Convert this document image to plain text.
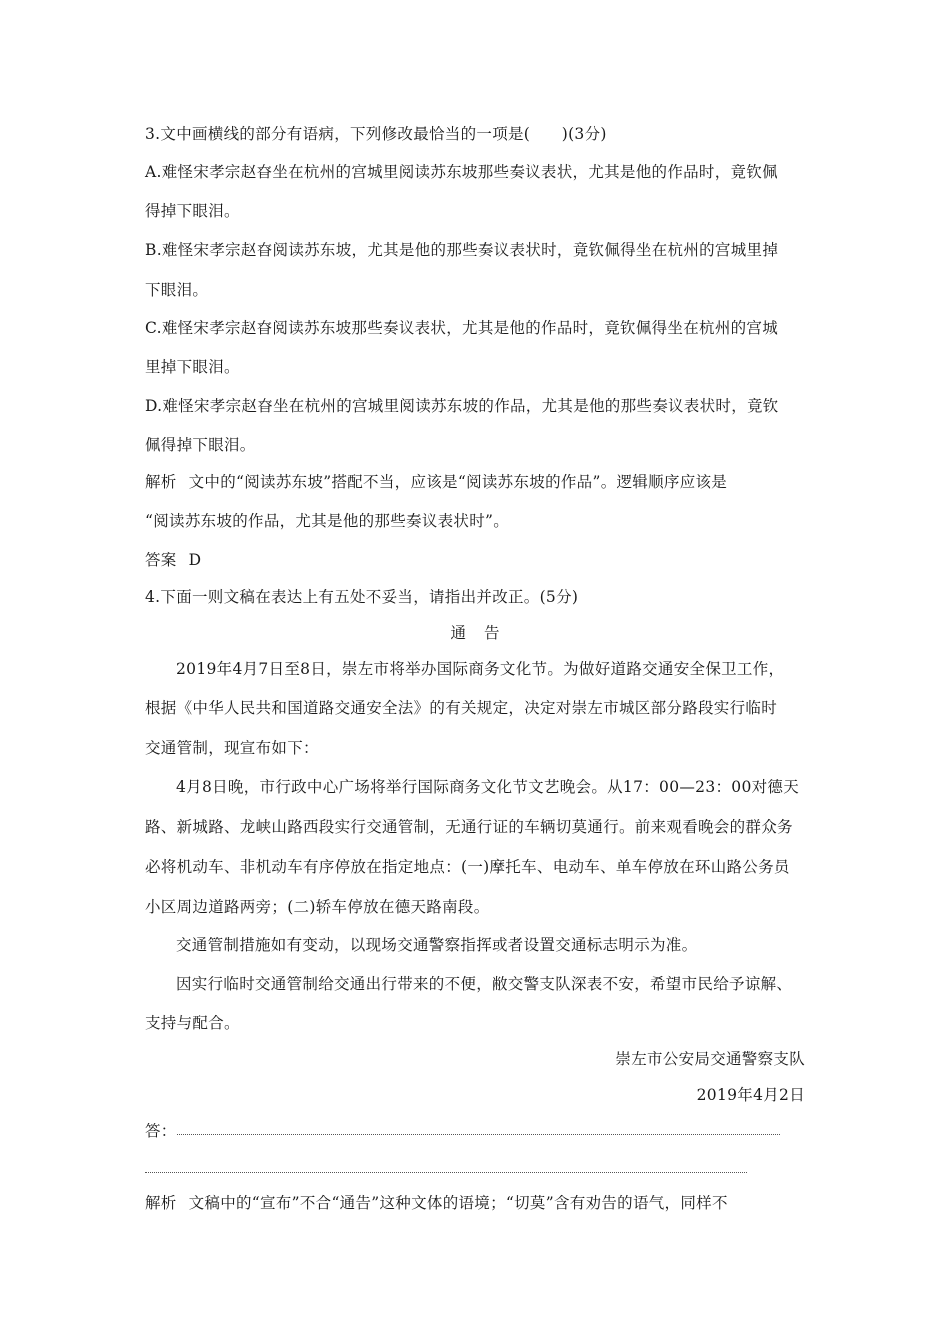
3.文中画横线的部分有语病，下列修改最恰当的一项是(　　)(3分)
A.难怪宋孝宗赵昚坐在杭州的宫城里阅读苏东坡那些奏议表状，尤其是他的作品时，竟钦佩
得掉下眼泪。
B.难怪宋孝宗赵昚阅读苏东坡，尤其是他的那些奏议表状时，竟钦佩得坐在杭州的宫城里掉
下眼泪。
C.难怪宋孝宗赵昚阅读苏东坡那些奏议表状，尤其是他的作品时，竟钦佩得坐在杭州的宫城
里掉下眼泪。
D.难怪宋孝宗赵昚坐在杭州的宫城里阅读苏东坡的作品，尤其是他的那些奏议表状时，竟钦
佩得掉下眼泪。
解析 文中的“阅读苏东坡”搭配不当，应该是“阅读苏东坡的作品”。逻辑顺序应该是
“阅读苏东坡的作品，尤其是他的那些奏议表状时”。
答案 D
4.下面一则文稿在表达上有五处不妥当，请指出并改正。(5分)
通告
2019年4月7日至8日，崇左市将举办国际商务文化节。为做好道路交通安全保卫工作，
根据《中华人民共和国道路交通安全法》的有关规定，决定对崇左市城区部分路段实行临时
交通管制，现宣布如下：
4月8日晚，市行政中心广场将举行国际商务文化节文艺晚会。从17：00—23：00对德天
路、新城路、龙峡山路西段实行交通管制，无通行证的车辆切莫通行。前来观看晚会的群众务
必将机动车、非机动车有序停放在指定地点：(一)摩托车、电动车、单车停放在环山路公务员
小区周边道路两旁；(二)轿车停放在德天路南段。
交通管制措施如有变动，以现场交通警察指挥或者设置交通标志明示为准。
因实行临时交通管制给交通出行带来的不便，敝交警支队深表不安，希望市民给予谅解、
支持与配合。
崇左市公安局交通警察支队
2019年4月2日
答：
解析 文稿中的“宣布”不合“通告”这种文体的语境；“切莫”含有劝告的语气，同样不
